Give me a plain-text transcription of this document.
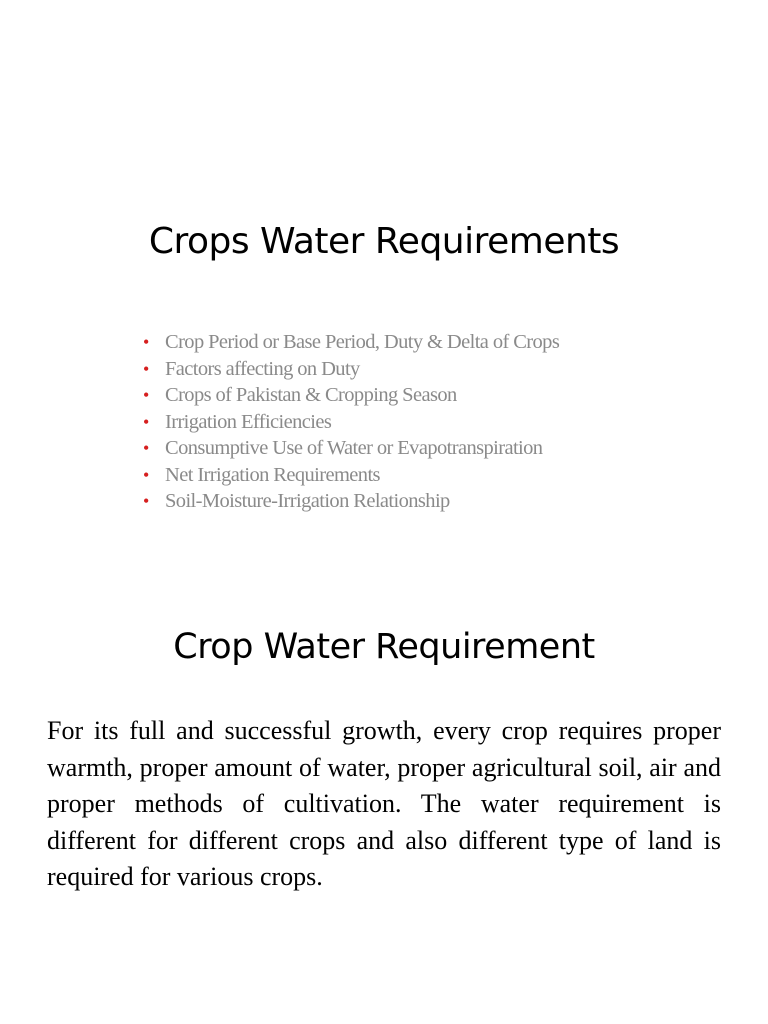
Crops Water Requirements
• Crop Period or Base Period, Duty & Delta of Crops
• Factors affecting on Duty
• Crops of Pakistan & Cropping Season
• Irrigation Efficiencies
• Consumptive Use of Water or Evapotranspiration
• Net Irrigation Requirements
• Soil-Moisture-Irrigation Relationship
Crop Water Requirement

For its full and successful growth, every crop requires proper warmth, proper amount of water, proper agricultural soil, air and proper methods of cultivation. The water requirement is different for different crops and also different type of land is required for various crops.
